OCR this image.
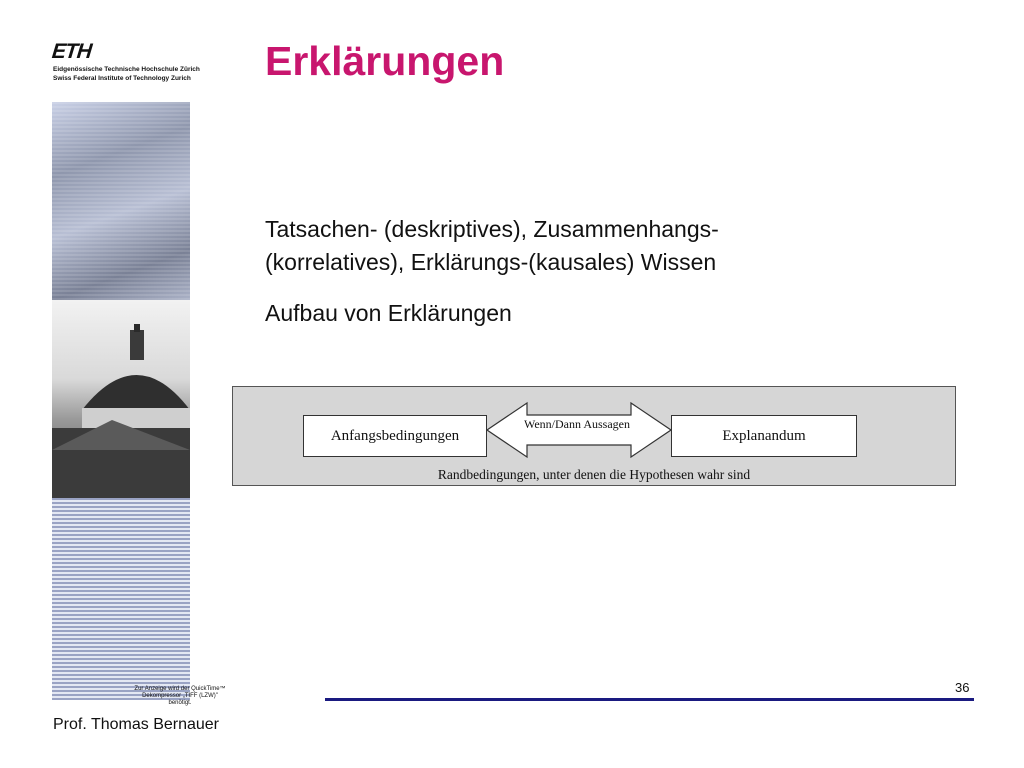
ETH
Eidgenössische Technische Hochschule Zürich
Swiss Federal Institute of Technology Zurich Erklärungen
Tatsachen- (deskriptives), Zusammenhangs-
(korrelatives), Erklärungs-(kausales) Wissen
Aufbau von Erklärungen
Anfangsbedingungen
Wenn/Dann Aussagen
Explanandum
Randbedingungen, unter denen die Hypothesen wahr sind
Zur Anzeige wird der QuickTime™
Dekompressor „TIFF (LZW)"
benötigt.
36
Prof. Thomas Bernauer
